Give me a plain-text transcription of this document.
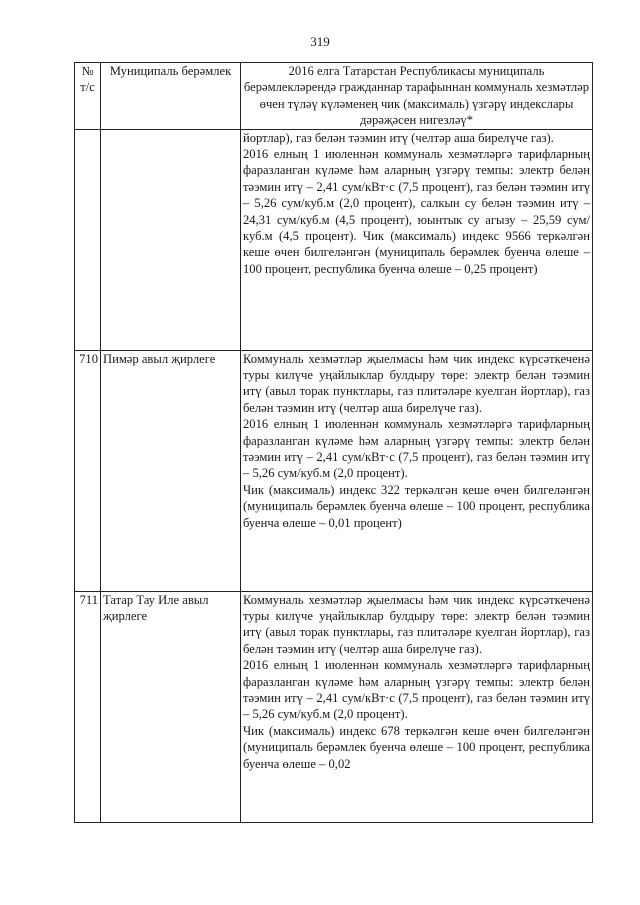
319
№ т/с	Муниципаль берәмлек	2016 елга Татарстан Республикасы муниципаль берәмлекләрендә гражданнар тарафыннан коммуналь хезмәтләр өчен түләү күләменең чик (максималь) үзгәрү индекслары дәрәҗәсен нигезләү*

		йортлар), газ белән тәэмин итү (челтәр аша бирелүче газ).

2016 елның 1 июленнән коммуналь хезмәтләргә тарифларның фаразланган күләме һәм аларның үзгәрү темпы: электр белән тәэмин итү – 2,41 сум/кВт·с (7,5 процент), газ белән тәэмин итү – 5,26 сум/куб.м (2,0 процент), салкын су белән тәэмин итү – 24,31 сум/куб.м (4,5 процент), юынтык су агызу – 25,59 сум/куб.м (4,5 процент). Чик (максималь) индекс 9566 теркәлгән кеше өчен билгеләнгән (муниципаль берәмлек буенча өлеше – 100 процент, республика буенча өлеше – 0,25 процент)

710	Пимәр авыл җирлеге	Коммуналь хезмәтләр җыелмасы һәм чик индекс күрсәткеченә туры килүче уңайлыклар булдыру төре: электр белән тәэмин итү (авыл торак пунктлары, газ плитәләре куелган йортлар), газ белән тәэмин итү (челтәр аша бирелүче газ).

2016 елның 1 июленнән коммуналь хезмәтләргә тарифларның фаразланган күләме һәм аларның үзгәрү темпы: электр белән тәэмин итү – 2,41 сум/кВт·с (7,5 процент), газ белән тәэмин итү – 5,26 сум/куб.м (2,0 процент).

Чик (максималь) индекс 322 теркәлгән кеше өчен билгеләнгән (муниципаль берәмлек буенча өлеше – 100 процент, республика буенча өлеше – 0,01 процент)

711	Татар Тау Иле авыл җирлеге	Коммуналь хезмәтләр җыелмасы һәм чик индекс күрсәткеченә туры килүче уңайлыклар булдыру төре: электр белән тәэмин итү (авыл торак пунктлары, газ плитәләре куелган йортлар), газ белән тәэмин итү (челтәр аша бирелүче газ).

2016 елның 1 июленнән коммуналь хезмәтләргә тарифларның фаразланган күләме һәм аларның үзгәрү темпы: электр белән тәэмин итү – 2,41 сум/кВт·с (7,5 процент), газ белән тәэмин итү – 5,26 сум/куб.м (2,0 процент).

Чик (максималь) индекс 678 теркәлгән кеше өчен билгеләнгән (муниципаль берәмлек буенча өлеше – 100 процент, республика буенча өлеше – 0,02
